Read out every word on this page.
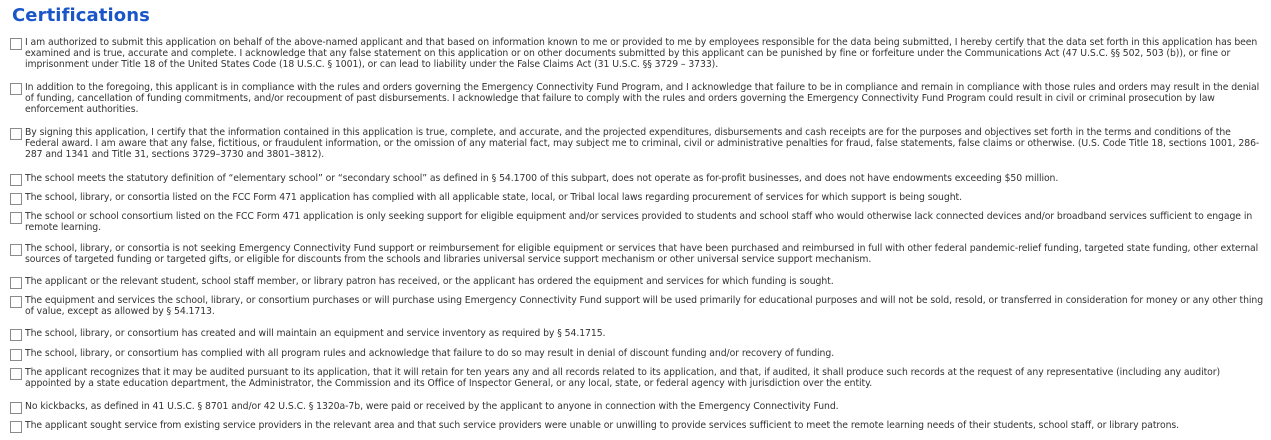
Certifications
I am authorized to submit this application on behalf of the above-named applicant and that based on information known to me or provided to me by employees responsible for the data being submitted, I hereby certify that the data set forth in this application has been examined and is true, accurate and complete. I acknowledge that any false statement on this application or on other documents submitted by this applicant can be punished by fine or forfeiture under the Communications Act (47 U.S.C. §§ 502, 503 (b)), or fine or imprisonment under Title 18 of the United States Code (18 U.S.C. § 1001), or can lead to liability under the False Claims Act (31 U.S.C. §§ 3729 – 3733).
In addition to the foregoing, this applicant is in compliance with the rules and orders governing the Emergency Connectivity Fund Program, and I acknowledge that failure to be in compliance and remain in compliance with those rules and orders may result in the denial of funding, cancellation of funding commitments, and/or recoupment of past disbursements. I acknowledge that failure to comply with the rules and orders governing the Emergency Connectivity Fund Program could result in civil or criminal prosecution by law enforcement authorities.
By signing this application, I certify that the information contained in this application is true, complete, and accurate, and the projected expenditures, disbursements and cash receipts are for the purposes and objectives set forth in the terms and conditions of the Federal award. I am aware that any false, fictitious, or fraudulent information, or the omission of any material fact, may subject me to criminal, civil or administrative penalties for fraud, false statements, false claims or otherwise. (U.S. Code Title 18, sections 1001, 286-287 and 1341 and Title 31, sections 3729–3730 and 3801–3812).
The school meets the statutory definition of “elementary school” or “secondary school” as defined in § 54.1700 of this subpart, does not operate as for-profit businesses, and does not have endowments exceeding $50 million.
The school, library, or consortia listed on the FCC Form 471 application has complied with all applicable state, local, or Tribal local laws regarding procurement of services for which support is being sought.
The school or school consortium listed on the FCC Form 471 application is only seeking support for eligible equipment and/or services provided to students and school staff who would otherwise lack connected devices and/or broadband services sufficient to engage in remote learning.
The school, library, or consortia is not seeking Emergency Connectivity Fund support or reimbursement for eligible equipment or services that have been purchased and reimbursed in full with other federal pandemic-relief funding, targeted state funding, other external sources of targeted funding or targeted gifts, or eligible for discounts from the schools and libraries universal service support mechanism or other universal service support mechanism.
The applicant or the relevant student, school staff member, or library patron has received, or the applicant has ordered the equipment and services for which funding is sought.
The equipment and services the school, library, or consortium purchases or will purchase using Emergency Connectivity Fund support will be used primarily for educational purposes and will not be sold, resold, or transferred in consideration for money or any other thing of value, except as allowed by § 54.1713.
The school, library, or consortium has created and will maintain an equipment and service inventory as required by § 54.1715.
The school, library, or consortium has complied with all program rules and acknowledge that failure to do so may result in denial of discount funding and/or recovery of funding.
The applicant recognizes that it may be audited pursuant to its application, that it will retain for ten years any and all records related to its application, and that, if audited, it shall produce such records at the request of any representative (including any auditor) appointed by a state education department, the Administrator, the Commission and its Office of Inspector General, or any local, state, or federal agency with jurisdiction over the entity.
No kickbacks, as defined in 41 U.S.C. § 8701 and/or 42 U.S.C. § 1320a-7b, were paid or received by the applicant to anyone in connection with the Emergency Connectivity Fund.
The applicant sought service from existing service providers in the relevant area and that such service providers were unable or unwilling to provide services sufficient to meet the remote learning needs of their students, school staff, or library patrons.
